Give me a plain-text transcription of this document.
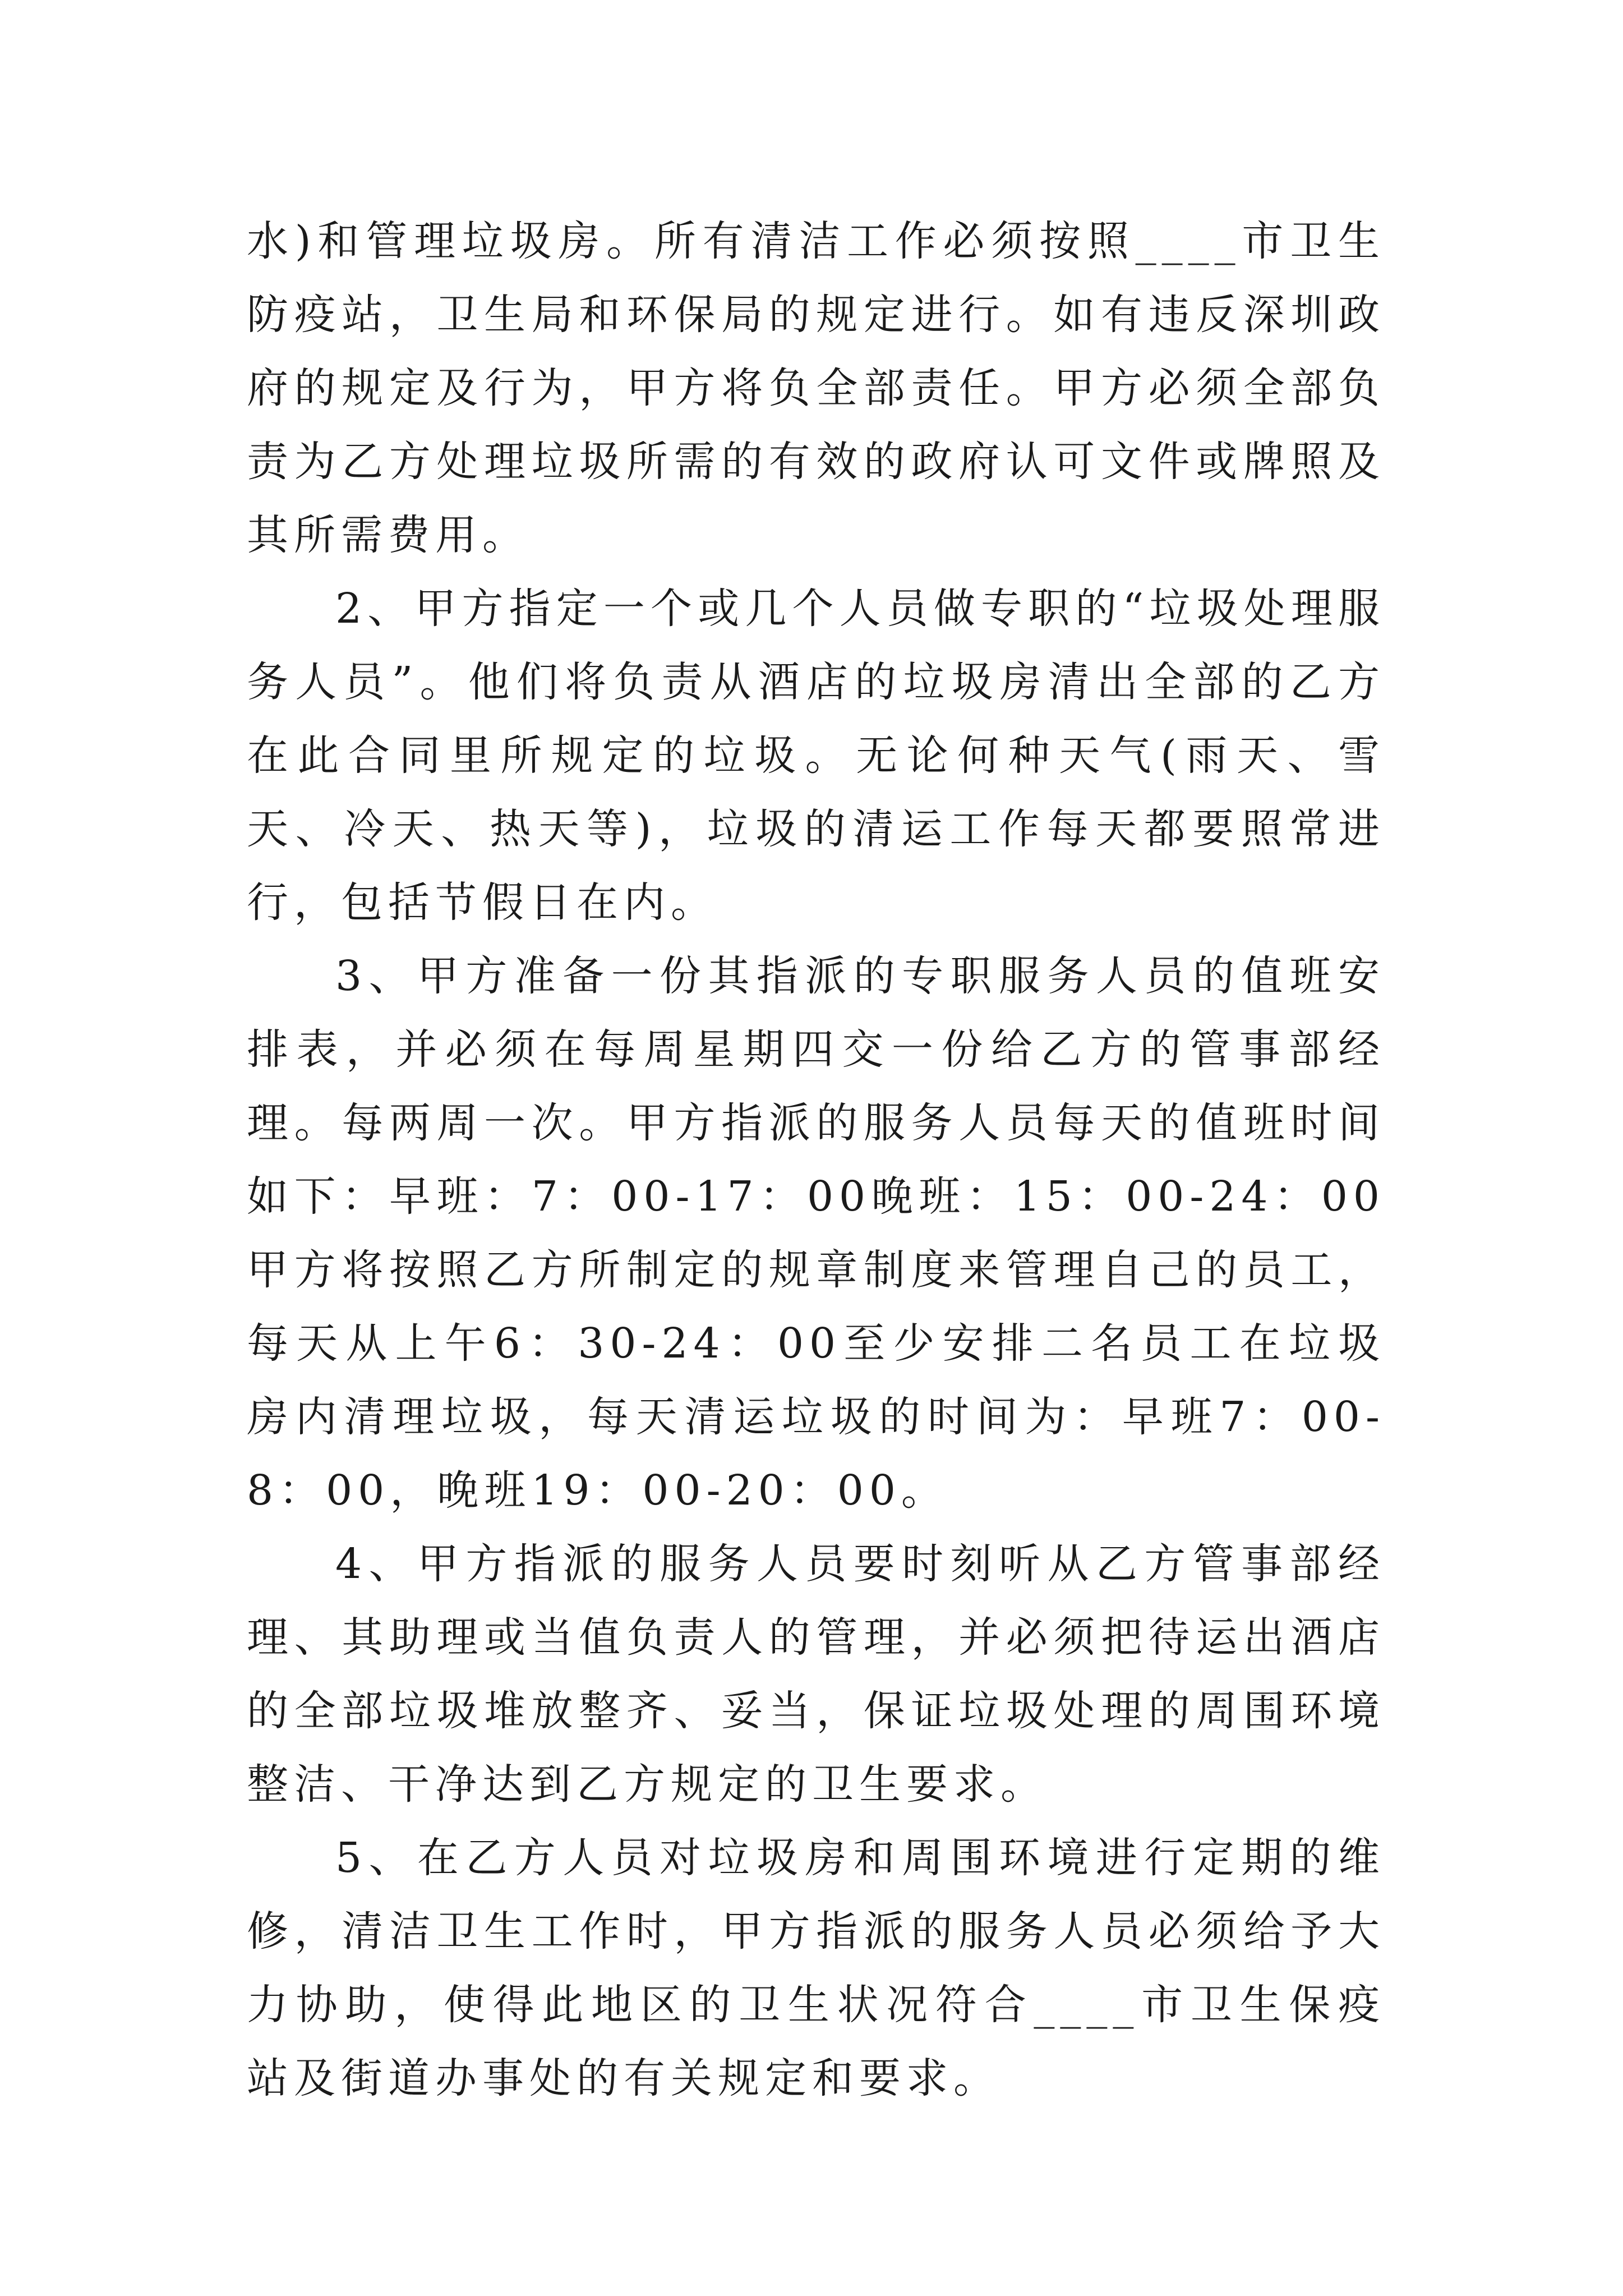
水)和管理垃圾房。所有清洁工作必须按照____市卫生防疫站，卫生局和环保局的规定进行。如有违反深圳政府的规定及行为，甲方将负全部责任。甲方必须全部负责为乙方处理垃圾所需的有效的政府认可文件或牌照及其所需费用。

2、甲方指定一个或几个人员做专职的“垃圾处理服务人员”。他们将负责从酒店的垃圾房清出全部的乙方在此合同里所规定的垃圾。无论何种天气(雨天、雪天、冷天、热天等)，垃圾的清运工作每天都要照常进行，包括节假日在内。

3、甲方准备一份其指派的专职服务人员的值班安排表，并必须在每周星期四交一份给乙方的管事部经理。每两周一次。甲方指派的服务人员每天的值班时间如下：早班：7：00-17：00晚班：15：00-24：00甲方将按照乙方所制定的规章制度来管理自己的员工，每天从上午6：30-24：00至少安排二名员工在垃圾房内清理垃圾，每天清运垃圾的时间为：早班7：00-8：00，晚班19：00-20：00。

4、甲方指派的服务人员要时刻听从乙方管事部经理、其助理或当值负责人的管理，并必须把待运出酒店的全部垃圾堆放整齐、妥当，保证垃圾处理的周围环境整洁、干净达到乙方规定的卫生要求。

5、在乙方人员对垃圾房和周围环境进行定期的维修，清洁卫生工作时，甲方指派的服务人员必须给予大力协助，使得此地区的卫生状况符合____市卫生保疫站及街道办事处的有关规定和要求。
